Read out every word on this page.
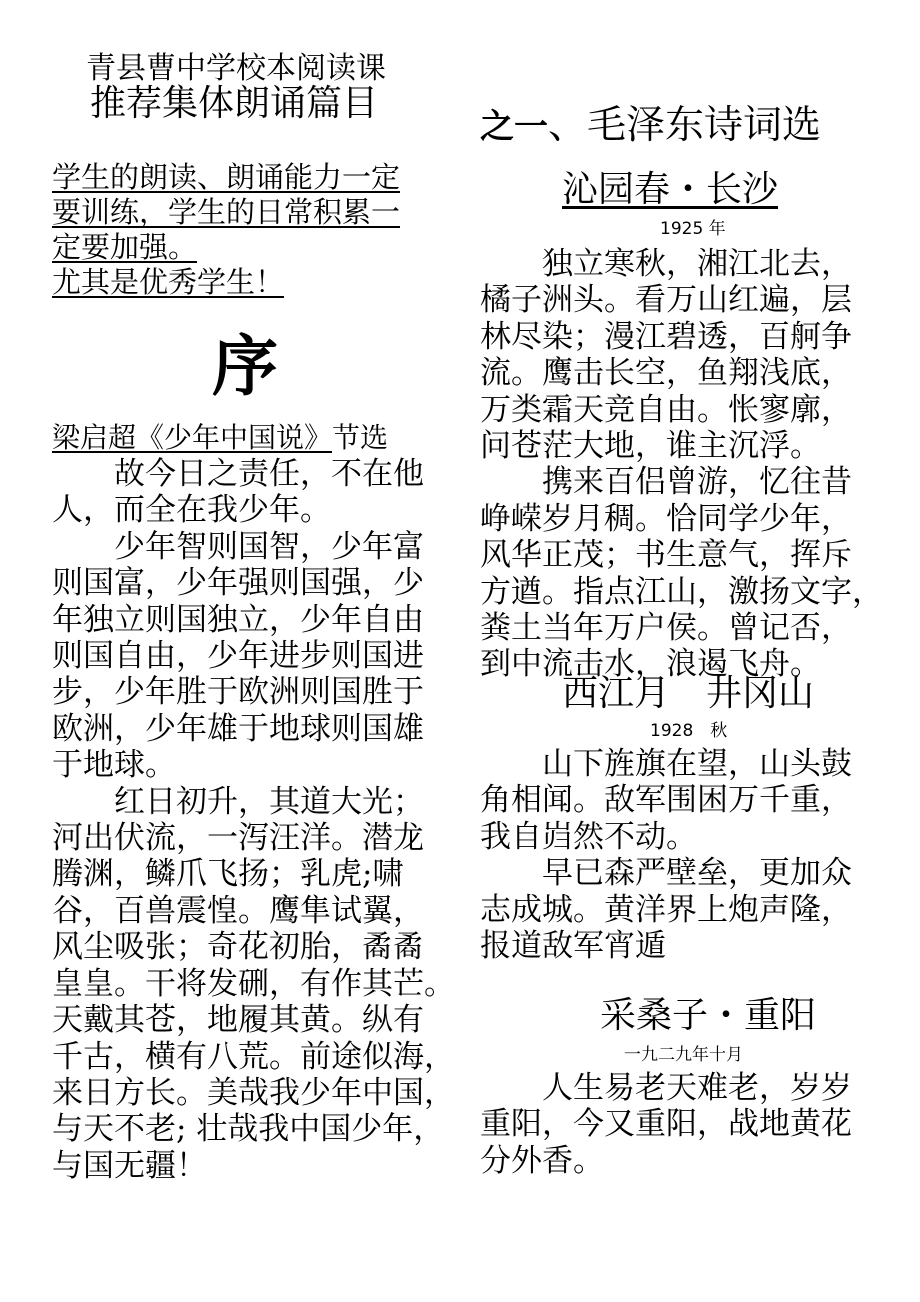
青县曹中学校本阅读课
推荐集体朗诵篇目
学生的朗读、朗诵能力一定
要训练，学生的日常积累一
定要加强。
尤其是优秀学生！
序
梁启超《少年中国说》节选
　　故今日之责任，不在他
人，而全在我少年。
　　少年智则国智，少年富
则国富，少年强则国强，少
年独立则国独立，少年自由
则国自由，少年进步则国进
步，少年胜于欧洲则国胜于
欧洲，少年雄于地球则国雄
于地球。
　　红日初升，其道大光；
河出伏流，一泻汪洋。潜龙
腾渊，鳞爪飞扬；乳虎;啸
谷，百兽震惶。鹰隼试翼，
风尘吸张；奇花初胎，矞矞
皇皇。干将发硎，有作其芒。
天戴其苍，地履其黄。纵有
千古，横有八荒。前途似海，
来日方长。美哉我少年中国，
与天不老; 壮哉我中国少年，
与国无疆！
之一、毛泽东诗词选
沁园春・长沙
1925 年
　　独立寒秋，湘江北去，
橘子洲头。看万山红遍，层
林尽染；漫江碧透，百舸争
流。鹰击长空，鱼翔浅底，
万类霜天竞自由。怅寥廓，
问苍茫大地，谁主沉浮。
　　携来百侣曾游，忆往昔
峥嵘岁月稠。恰同学少年，
风华正茂；书生意气，挥斥
方遒。指点江山，激扬文字，
粪土当年万户侯。曾记否，
到中流击水，浪遏飞舟。
西江月　井冈山
1928　秋
　　山下旌旗在望，山头鼓
角相闻。敌军围困万千重，
我自岿然不动。
　　早已森严壁垒，更加众
志成城。黄洋界上炮声隆，
报道敌军宵遁
采桑子・重阳
一九二九年十月
　　人生易老天难老，岁岁
重阳，今又重阳，战地黄花
分外香。
